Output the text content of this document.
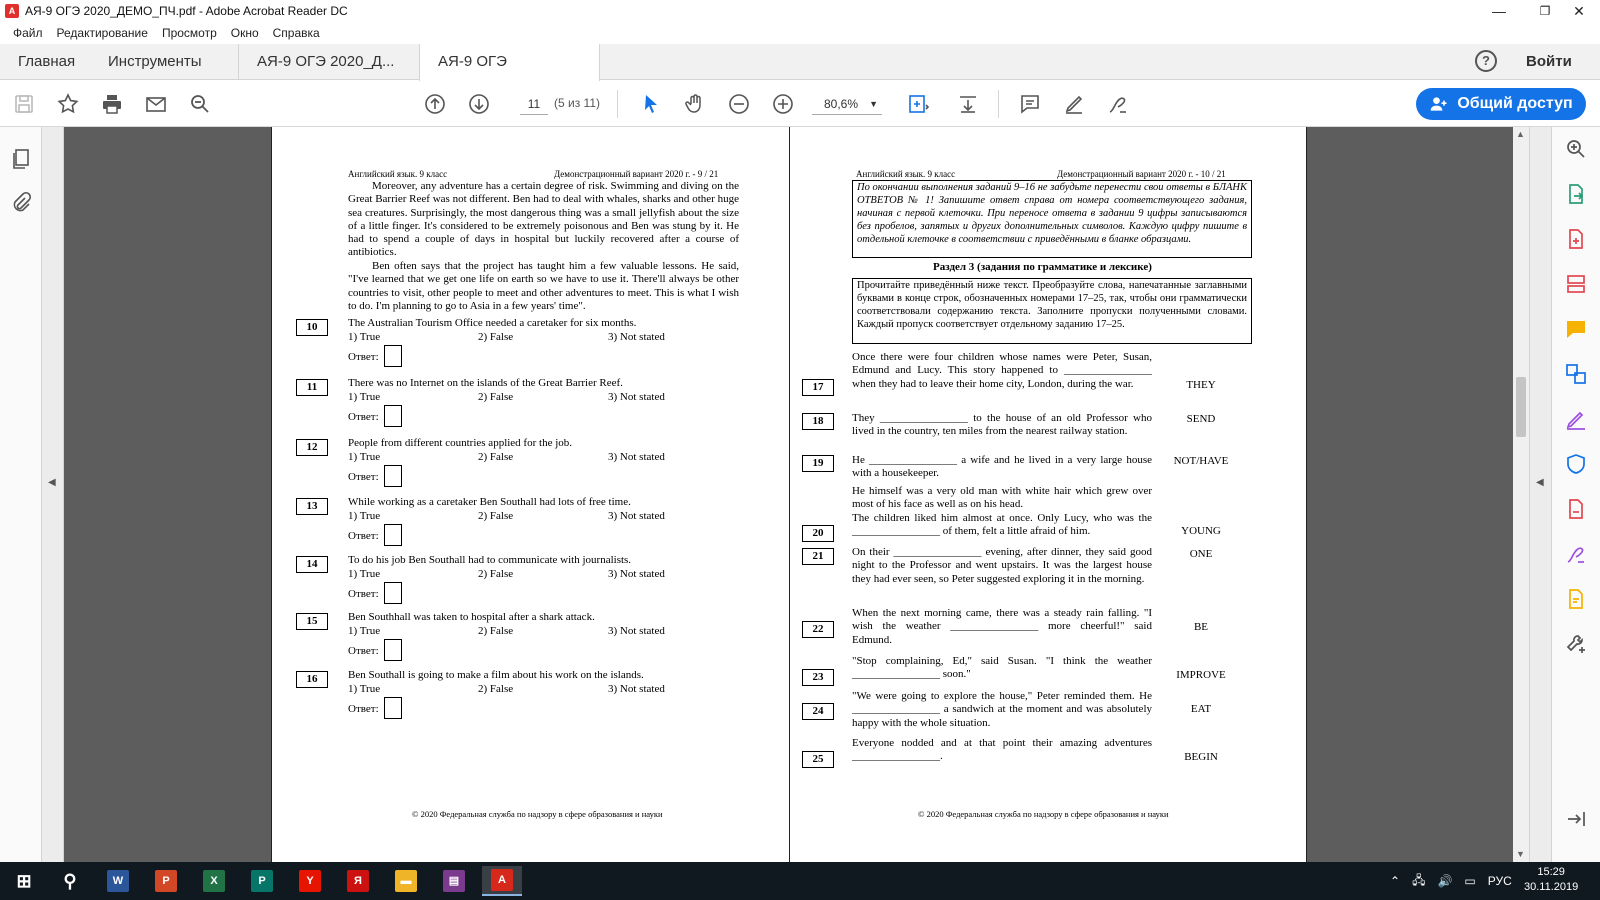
A АЯ-9 ОГЭ 2020_ДЕМО_ПЧ.pdf - Adobe Acrobat Reader DC	—	❐	✕
Файл	Редактирование	Просмотр	Окно	Справка
Главная	Инструменты	АЯ-9 ОГЭ 2020_Д...	АЯ-9 ОГЭ	?	Войти
11
(5 из 11)	80,6% ▼	Общий доступ
◀
Английский язык. 9 класс	Демонстрационный вариант 2020 г. - 9 / 21
Moreover, any adventure has a certain degree of risk. Swimming and diving on the Great Barrier Reef was not different. Ben had to deal with whales, sharks and other huge sea creatures. Surprisingly, the most dangerous thing was a small jellyfish about the size of a little finger. It's considered to be extremely poisonous and Ben was stung by it. He had to spend a couple of days in hospital but luckily recovered after a course of antibiotics.
Ben often says that the project has taught him a few valuable lessons. He said, "I've learned that we get one life on earth so we have to use it. There'll always be other countries to visit, other people to meet and other adventures to meet. This is what I wish to do. I'm planning to go to Asia in a few years' time".
10	The Australian Tourism Office needed a caretaker for six months.
1) True	2) False	3) Not stated
Ответ:
11	There was no Internet on the islands of the Great Barrier Reef.
1) True	2) False	3) Not stated
Ответ:
12	People from different countries applied for the job.
1) True	2) False	3) Not stated
Ответ:
13	While working as a caretaker Ben Southall had lots of free time.
1) True	2) False	3) Not stated
Ответ:
14	To do his job Ben Southall had to communicate with journalists.
1) True	2) False	3) Not stated
Ответ:
15	Ben Southhall was taken to hospital after a shark attack.
1) True	2) False	3) Not stated
Ответ:
16	Ben Southall is going to make a film about his work on the islands.
1) True	2) False	3) Not stated
Ответ:
© 2020 Федеральная служба по надзору в сфере образования и науки
Английский язык. 9 класс	Демонстрационный вариант 2020 г. - 10 / 21
По окончании выполнения заданий 9–16 не забудьте перенести свои ответы в БЛАНК ОТВЕТОВ № 1! Запишите ответ справа от номера соответствующего задания, начиная с первой клеточки. При переносе ответа в задании 9 цифры записываются без пробелов, запятых и других дополнительных символов. Каждую цифру пишите в отдельной клеточке в соответствии с приведёнными в бланке образцами.
Раздел 3 (задания по грамматике и лексике)
Прочитайте приведённый ниже текст. Преобразуйте слова, напечатанные заглавными буквами в конце строк, обозначенных номерами 17–25, так, чтобы они грамматически соответствовали содержанию текста. Заполните пропуски полученными словами. Каждый пропуск соответствует отдельному заданию 17–25.
Once there were four children whose names were Peter, Susan, Edmund and Lucy. This story happened to ________________ when they had to leave their home city, London, during the war.
17	THEY
They ________________ to the house of an old Professor who lived in the country, ten miles from the nearest railway station.
18	SEND
He ________________ a wife and he lived in a very large house with a housekeeper.
19	NOT/HAVE
He himself was a very old man with white hair which grew over most of his face as well as on his head.
The children liked him almost at once. Only Lucy, who was the ________________ of them, felt a little afraid of him.
20	YOUNG
On their ________________ evening, after dinner, they said good night to the Professor and went upstairs. It was the largest house they had ever seen, so Peter suggested exploring it in the morning.
21	ONE
When the next morning came, there was a steady rain falling. "I wish the weather ________________ more cheerful!" said Edmund.
22	BE
"Stop complaining, Ed," said Susan. "I think the weather ________________ soon."
23	IMPROVE
"We were going to explore the house," Peter reminded them. He ________________ a sandwich at the moment and was absolutely happy with the whole situation.
24	EAT
Everyone nodded and at that point their amazing adventures ________________.
25	BEGIN
© 2020 Федеральная служба по надзору в сфере образования и науки
▲
▼
◀
⊞ ⚲	W	P	X	P	Y	Я	▬	▤	A	⌃ 🖧 🔊 ▭ РУС
15:29
30.11.2019
